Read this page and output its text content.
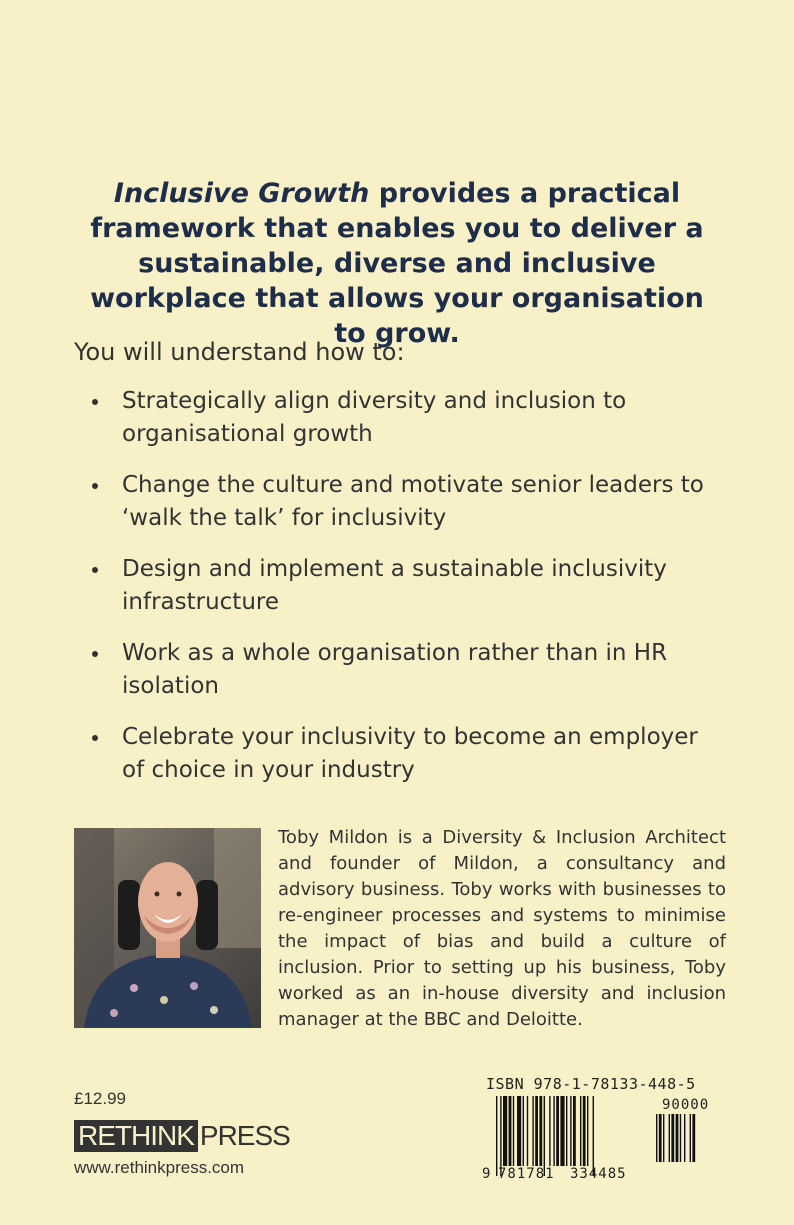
Inclusive Growth provides a practical framework that enables you to deliver a sustainable, diverse and inclusive workplace that allows your organisation to grow.
You will understand how to:
Strategically align diversity and inclusion to organisational growth
Change the culture and motivate senior leaders to ‘walk the talk’ for inclusivity
Design and implement a sustainable inclusivity infrastructure
Work as a whole organisation rather than in HR isolation
Celebrate your inclusivity to become an employer of choice in your industry
Toby Mildon is a Diversity & Inclusion Architect and founder of Mildon, a consultancy and advisory business. Toby works with businesses to re-engineer processes and systems to minimise the impact of bias and build a culture of inclusion. Prior to setting up his business, Toby worked as an in-house diversity and inclusion manager at the BBC and Deloitte.
£12.99
RETHINK PRESS
www.rethinkpress.com
ISBN 978-1-78133-448-5
9 781781 334485
90000
